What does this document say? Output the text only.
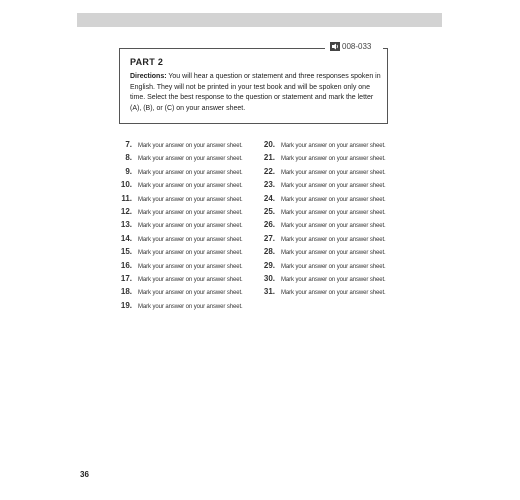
008-033
PART 2
Directions: You will hear a question or statement and three responses spoken in English. They will not be printed in your test book and will be spoken only one time. Select the best response to the question or statement and mark the letter (A), (B), or (C) on your answer sheet.
7. Mark your answer on your answer sheet.
8. Mark your answer on your answer sheet.
9. Mark your answer on your answer sheet.
10. Mark your answer on your answer sheet.
11. Mark your answer on your answer sheet.
12. Mark your answer on your answer sheet.
13. Mark your answer on your answer sheet.
14. Mark your answer on your answer sheet.
15. Mark your answer on your answer sheet.
16. Mark your answer on your answer sheet.
17. Mark your answer on your answer sheet.
18. Mark your answer on your answer sheet.
19. Mark your answer on your answer sheet.
20. Mark your answer on your answer sheet.
21. Mark your answer on your answer sheet.
22. Mark your answer on your answer sheet.
23. Mark your answer on your answer sheet.
24. Mark your answer on your answer sheet.
25. Mark your answer on your answer sheet.
26. Mark your answer on your answer sheet.
27. Mark your answer on your answer sheet.
28. Mark your answer on your answer sheet.
29. Mark your answer on your answer sheet.
30. Mark your answer on your answer sheet.
31. Mark your answer on your answer sheet.
36
